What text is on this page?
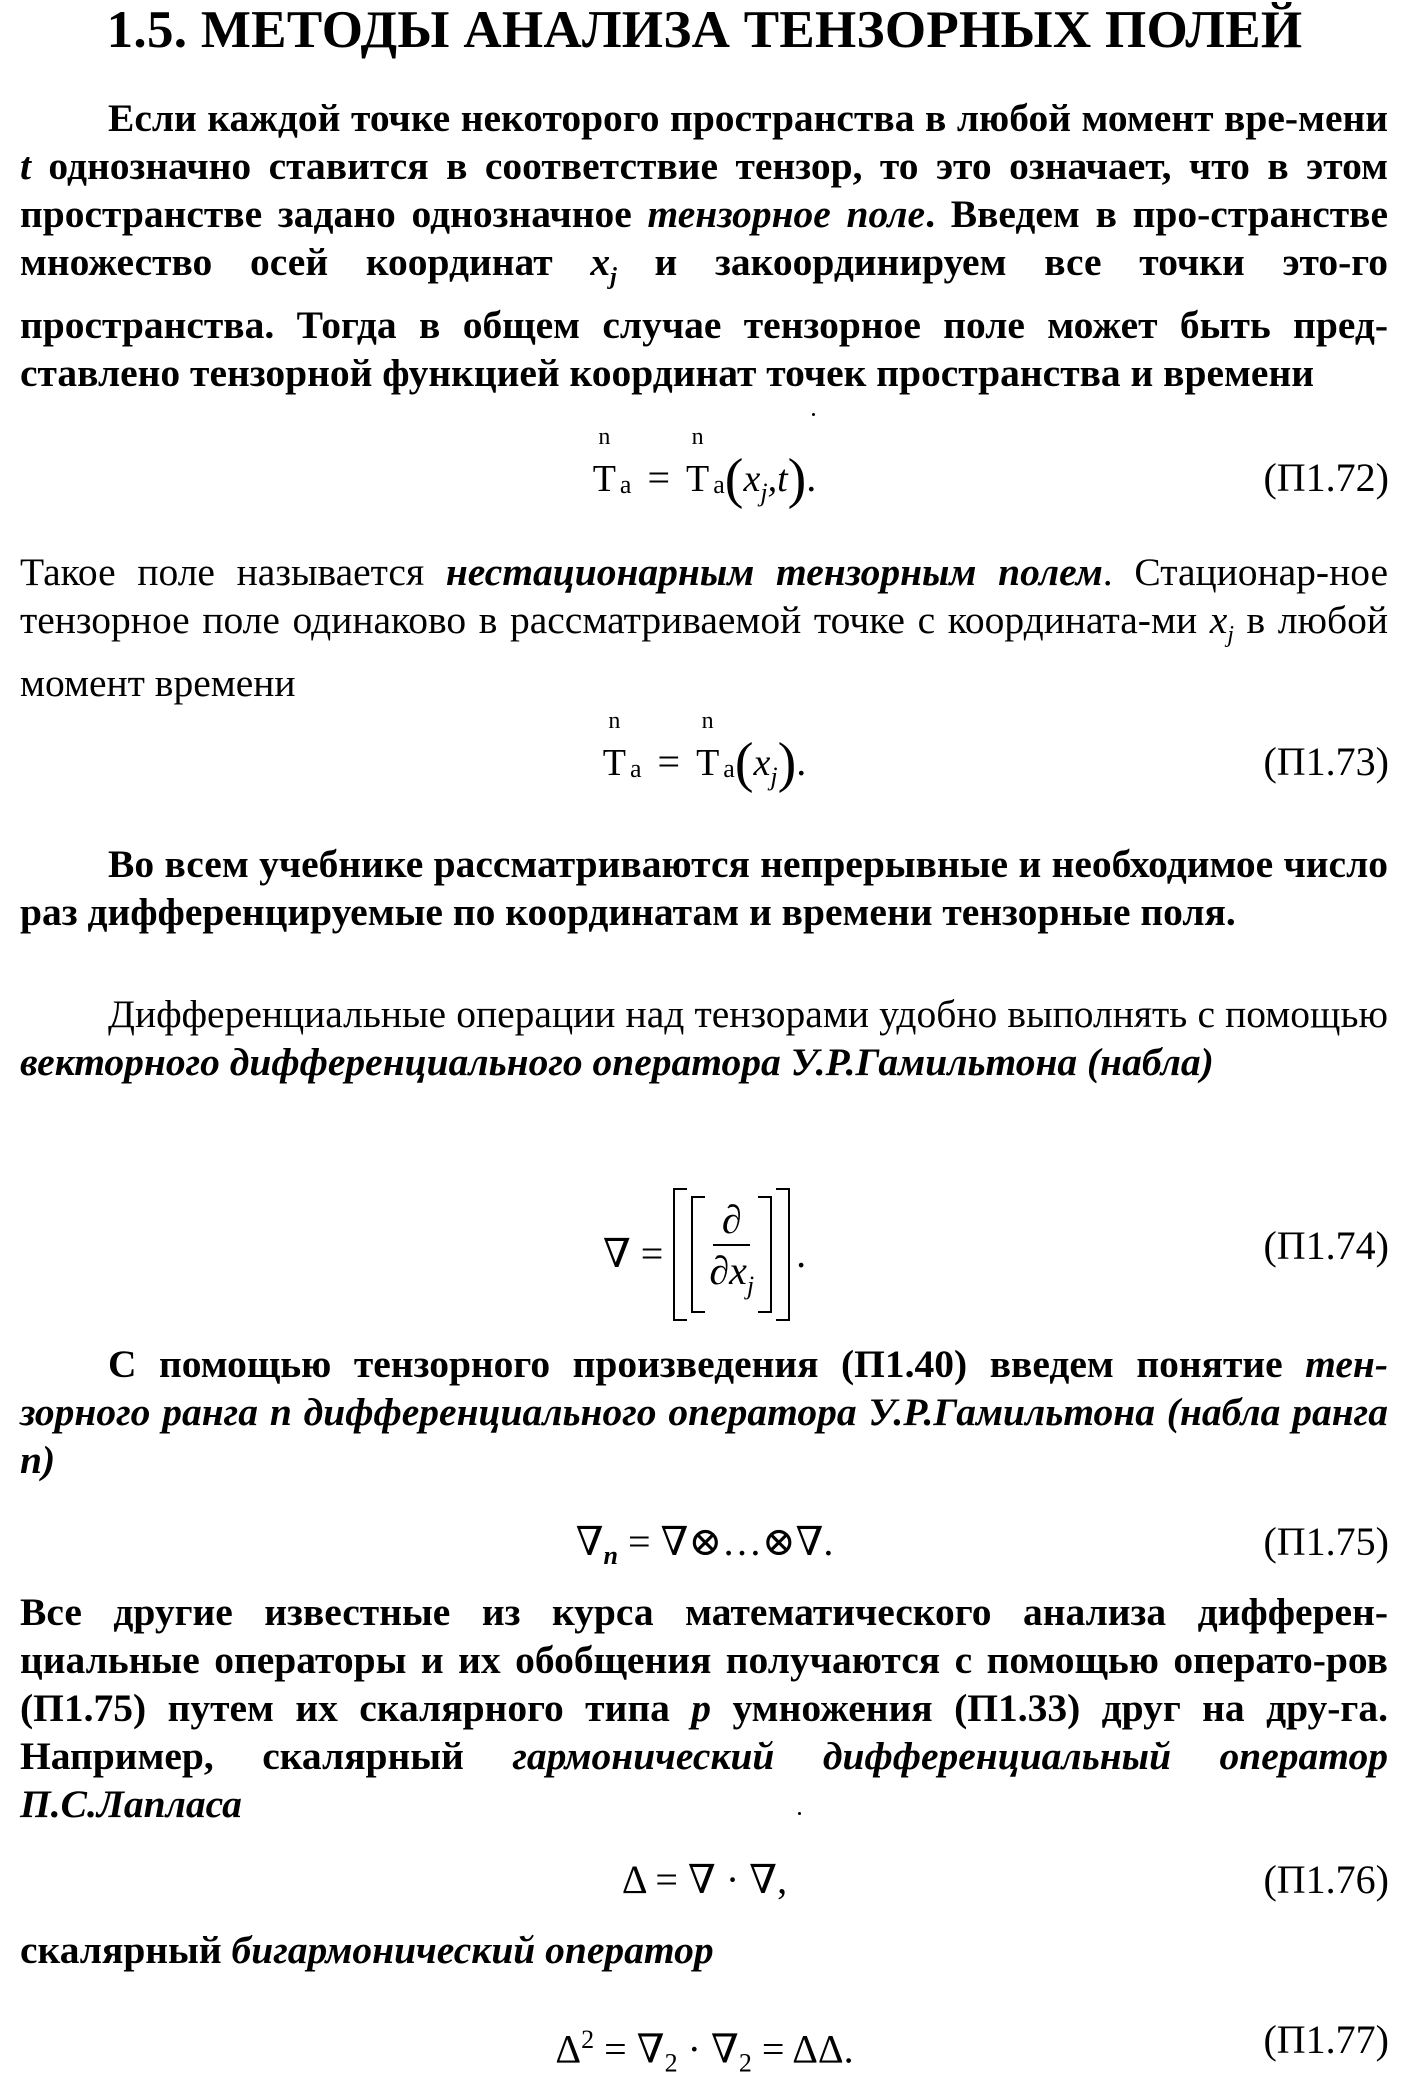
1.5. МЕТОДЫ АНАЛИЗА ТЕНЗОРНЫХ ПОЛЕЙ

Если каждой точке некоторого пространства в любой момент вре-мени t однозначно ставится в соответствие тензор, то это означает, что в этом пространстве задано однозначное тензорное поле. Введем в про-странстве множество осей координат $x_j$ и закоординируем все точки это-го пространства. Тогда в общем случае тензорное поле может быть пред-ставлено тензорной функцией координат точек пространства и времени

n
T a =
n
T $a(x_j,t)$.	(П1.72)

Такое поле называется нестационарным тензорным полем. Стационар-ное тензорное поле одинаково в рассматриваемой точке с координата-ми $x_j$ в любой момент времени

n
T a =
n
T $a(x_j)$.	(П1.73)

Во всем учебнике рассматриваются непрерывные и необходимое число раз дифференцируемые по координатам и времени тензорные поля.

Дифференциальные операции над тензорами удобно выполнять с помощью векторного дифференциального оператора У.Р.Гамильтона (набла)

∇ = $\frac{\partial}{\partial x_j}$ .	(П1.74)

С помощью тензорного произведения (П1.40) введем понятие тен-зорного ранга n дифференциального оператора У.Р.Гамильтона (набла ранга n)

$\nabla_n$ = ∇⊗…⊗∇.	(П1.75)

Все другие известные из курса математического анализа дифферен-циальные операторы и их обобщения получаются с помощью операто-ров (П1.75) путем их скалярного типа p умножения (П1.33) друг на дру-га. Например, скалярный гармонический дифференциальный оператор П.С.Лапласа

Δ = ∇ · ∇,	(П1.76)

скалярный бигармонический оператор

$\Delta^2 = \nabla_2 \cdot \nabla_2 = \Delta\Delta$.	(П1.77)
